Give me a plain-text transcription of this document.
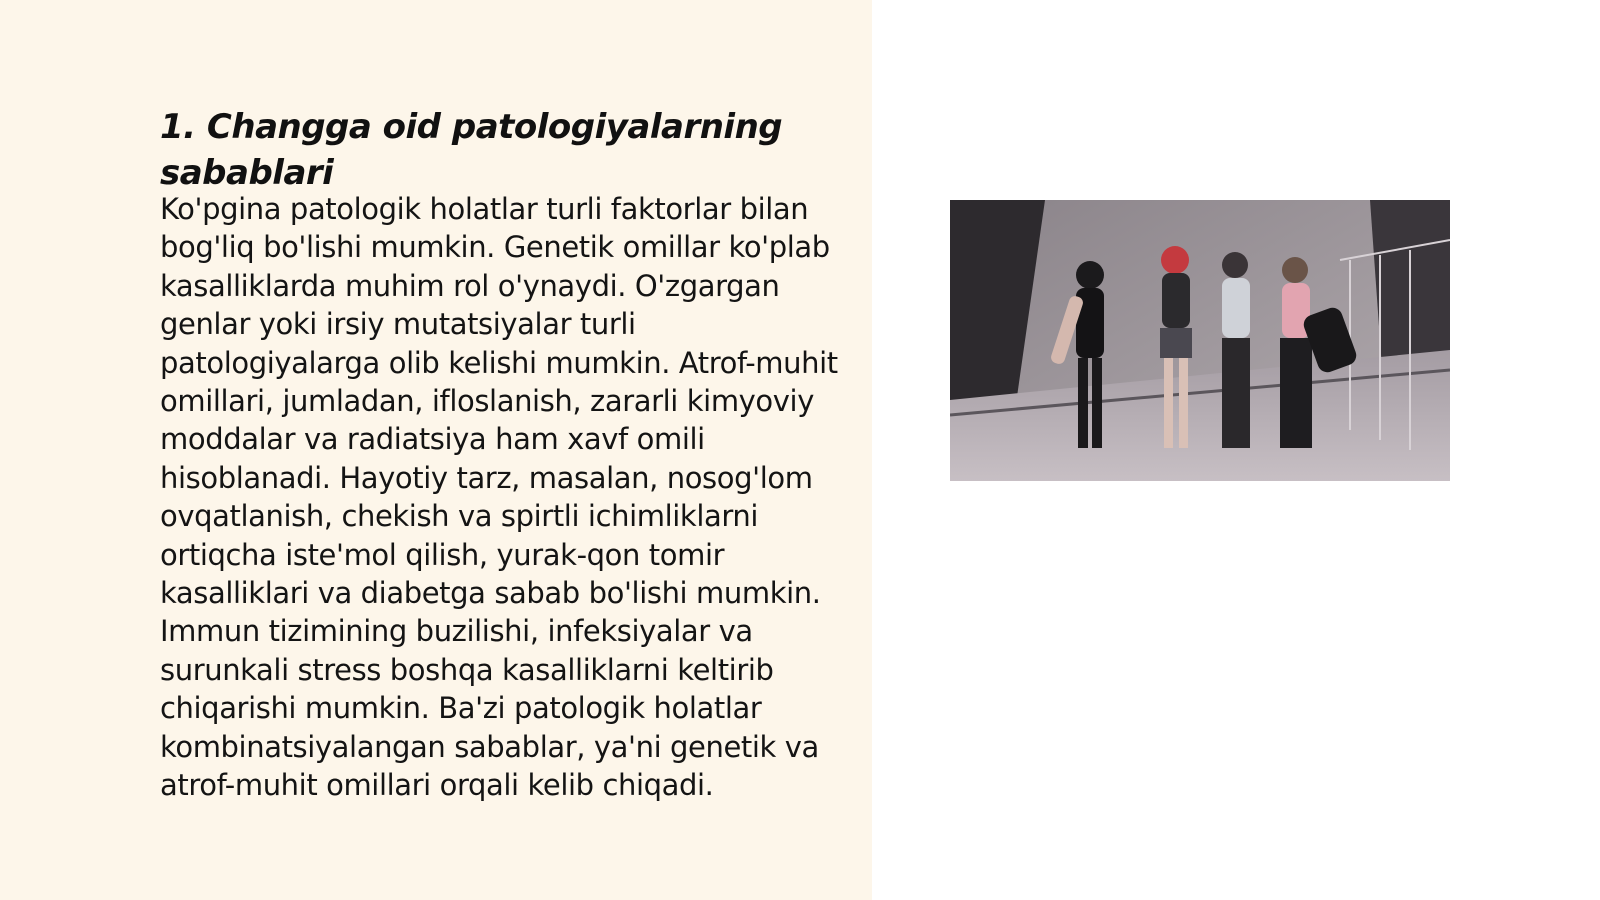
1. Changga oid patologiyalarning sabablari

Ko'pgina patologik holatlar turli faktorlar bilan bog'liq bo'lishi mumkin. Genetik omillar ko'plab kasalliklarda muhim rol o'ynaydi. O'zgargan genlar yoki irsiy mutatsiyalar turli patologiyalarga olib kelishi mumkin. Atrof-muhit omillari, jumladan, ifloslanish, zararli kimyoviy moddalar va radiatsiya ham xavf omili hisoblanadi. Hayotiy tarz, masalan, nosog'lom ovqatlanish, chekish va spirtli ichimliklarni ortiqcha iste'mol qilish, yurak-qon tomir kasalliklari va diabetga sabab bo'lishi mumkin. Immun tizimining buzilishi, infeksiyalar va surunkali stress boshqa kasalliklarni keltirib chiqarishi mumkin. Ba'zi patologik holatlar kombinatsiyalangan sabablar, ya'ni genetik va atrof-muhit omillari orqali kelib chiqadi.
